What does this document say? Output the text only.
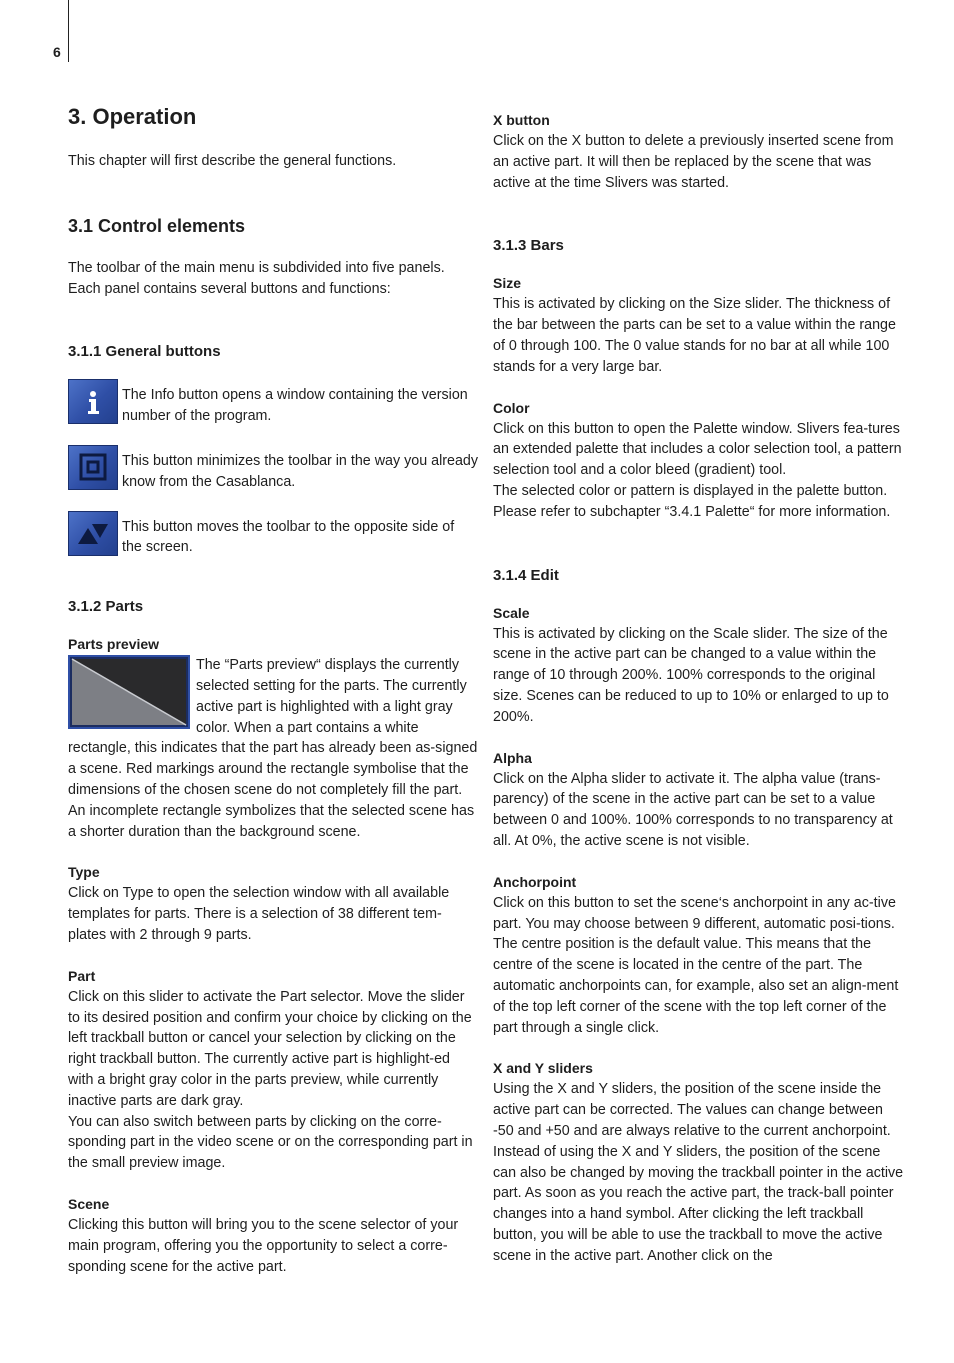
6
3. Operation

This chapter will first describe the general functions.

3.1 Control elements

The toolbar of the main menu is subdivided into five panels. Each panel contains several buttons and functions:

3.1.1 General buttons

The Info button opens a window containing the version number of the program.

This button minimizes the toolbar in the way you already know from the Casablanca.

This button moves the toolbar to the opposite side of the screen.

3.1.2 Parts
Parts preview

The “Parts preview“ displays the currently selected setting for the parts. The currently active part is highlighted with a light gray color. When a part contains a white rectangle, this indicates that the part has already been as-signed a scene. Red markings around the rectangle symbolise that the dimensions of the chosen scene do not completely fill the part. An incomplete rectangle symbolizes that the selected scene has a shorter duration than the background scene.

Type

Click on Type to open the selection window with all available templates for parts. There is a selection of 38 different tem-plates with 2 through 9 parts.

Part

Click on this slider to activate the Part selector. Move the slider to its desired position and confirm your choice by clicking on the left trackball button or cancel your selection by clicking on the right trackball button. The currently active part is highlight-ed with a bright gray color in the parts preview, while currently inactive parts are dark gray.

You can also switch between parts by clicking on the corre-sponding part in the video scene or on the corresponding part in the small preview image.

Scene

Clicking this button will bring you to the scene selector of your main program, offering you the opportunity to select a corre-sponding scene for the active part.

X button

Click on the X button to delete a previously inserted scene from an active part. It will then be replaced by the scene that was active at the time Slivers was started.

3.1.3 Bars
Size

This is activated by clicking on the Size slider. The thickness of the bar between the parts can be set to a value within the range of 0 through 100. The 0 value stands for no bar at all while 100 stands for a very large bar.

Color

Click on this button to open the Palette window. Slivers fea-tures an extended palette that includes a color selection tool, a pattern selection tool and a color bleed (gradient) tool.

The selected color or pattern is displayed in the palette button. Please refer to subchapter “3.4.1 Palette“ for more information.

3.1.4 Edit
Scale

This is activated by clicking on the Scale slider. The size of the scene in the active part can be changed to a value within the range of 10 through 200%. 100% corresponds to the original size. Scenes can be reduced to up to 10% or enlarged to up to 200%.

Alpha

Click on the Alpha slider to activate it. The alpha value (trans-parency) of the scene in the active part can be set to a value between 0 and 100%. 100% corresponds to no transparency at all. At 0%, the active scene is not visible.

Anchorpoint

Click on this button to set the scene‘s anchorpoint in any ac-tive part. You may choose between 9 different, automatic posi-tions. The centre position is the default value. This means that the centre of the scene is located in the centre of the part. The automatic anchorpoints can, for example, also set an align-ment of the top left corner of the scene with the top left corner of the part through a single click.

X and Y sliders

Using the X and Y sliders, the position of the scene inside the active part can be corrected. The values can change between -50 and +50 and are always relative to the current anchorpoint. Instead of using the X and Y sliders, the position of the scene can also be changed by moving the trackball pointer in the active part. As soon as you reach the active part, the track-ball pointer changes into a hand symbol. After clicking the left trackball button, you will be able to use the trackball to move the active scene in the active part. Another click on the
